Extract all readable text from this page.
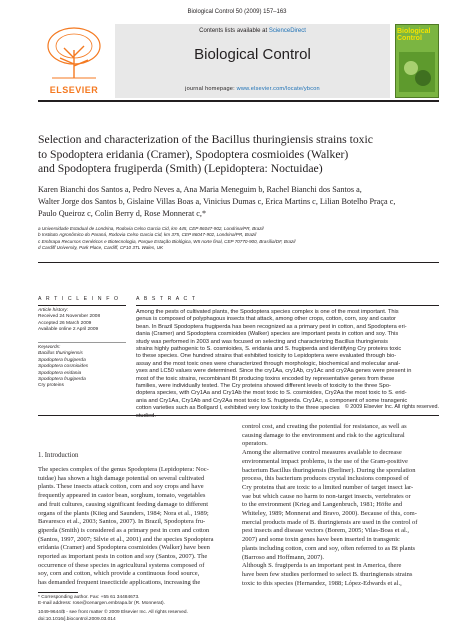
Biological Control 50 (2009) 157–163
ELSEVIER
Contents lists available at ScienceDirect
Biological Control
journal homepage: www.elsevier.com/locate/ybcon
Biological Control
Selection and characterization of the Bacillus thuringiensis strains toxic
to Spodoptera eridania (Cramer), Spodoptera cosmioides (Walker)
and Spodoptera frugiperda (Smith) (Lepidoptera: Noctuidae)
Karen Bianchi dos Santos a, Pedro Neves a, Ana Maria Meneguim b, Rachel Bianchi dos Santos a,
Walter Jorge dos Santos b, Gislaine Villas Boas a, Vinicius Dumas c, Erica Martins c, Lilian Botelho Praça c,
Paulo Queiroz c, Colin Berry d, Rose Monnerat c,*
a Universidade Estadual de Londrina, Rodovia Celso Garcia Cid, km 445, CEP 86047-902, Londrina/PR, Brazil
b Instituto Agronômico do Paraná, Rodovia Celso Garcia Cid, km 375, CEP 86047-902, Londrina/PR, Brazil
c Embrapa Recursos Genéticos e Biotecnologia, Parque Estação Biológica, W5 norte final, CEP 70770-900, Brasília/DF, Brazil
d Cardiff University, Park Place, Cardiff, CF10 3TL Wales, UK
A R T I C L E I N F O
Article history:
Received 24 November 2008
Accepted 26 March 2009
Available online 2 April 2009
Keywords:
Bacillus thuringiensis
Spodoptera frugiperda
Spodoptera cosmioides
Spodoptera eridania
Spodoptera frugiperda
Cry proteins
A B S T R A C T
Among the pests of cultivated plants, the Spodoptera species complex is one of the most important. This
genus is composed of polyphagous insects that attack, among other crops, cotton, corn, soy and castor
bean. In Brazil Spodoptera frugiperda has been recognized as a primary pest in cotton, and Spodoptera eri-
dania (Cramer) and Spodoptera cosmioides (Walker) species are important pests in cotton and soy. This
study was performed in 2003 and was focused on selecting and characterizing Bacillus thuringiensis
strains highly pathogenic to S. cosmioides, S. eridania and S. frugiperda and identifying Cry proteins toxic
to these species. One hundred strains that exhibited toxicity to Lepidoptera were evaluated through bio-
assay and the most toxic ones were characterized through morphologic, biochemical and molecular anal-
yses and LC50 values were determined. Since the cry1Aa, cry1Ab, cry1Ac and cry2Aa genes were present in
most of the toxic strains, recombinant Bt producing toxins encoded by representative genes from these
families, were individually tested. The Cry proteins showed different levels of toxicity to the three Spo-
doptera species, with Cry1Aa and Cry1Ab the most toxic to S. cosmioides, Cry2Aa the most toxic to S. erid-
ania and Cry1Aa, Cry1Ab and Cry2Aa most toxic to S. frugiperda. Cry1Ac, a component of some transgenic
cotton varieties such as Bollgard I, exhibited very low toxicity to the three species © 2009 Elsevier Inc. All rights reserved.
1. Introduction
The species complex of the genus Spodoptera (Lepidoptera: Noc-
tuidae) has shown a high damage potential on several cultivated
plants. These insects attack cotton, corn and soy crops and have
frequently appeared in castor bean, sorghum, tomato, vegetables
and fruit cultures, causing significant feeding damage to different
organs of the plants (Kiieg and Saunders, 1984; Nora et al., 1989;
Bavaresco et al., 2003; Santos, 2007). In Brazil, Spodoptera fru-
giperda (Smith) is considered as a primary pest in corn and cotton
(Santos, 1997, 2007; Silvie et al., 2001) and the species Spodoptera
eridania (Cramer) and Spodoptera cosmioides (Walker) have been
reported as important pests in cotton and soy (Santos, 2007). The
occurrence of these species in agricultural systems composed of
soy, corn and cotton, which provide a continuous food source,
has demanded frequent insecticide applications, increasing the
* Corresponding author. Fax: +55 61 34484673.
E-mail address: rose@cenargen.embrapa.br (R. Monnerat).
1049-9644/$ - see front matter © 2009 Elsevier Inc. All rights reserved.
doi:10.1016/j.biocontrol.2009.03.014
control cost, and creating the potential for resistance, as well as
causing damage to the environment and risk to the agricultural
operators.
Among the alternative control measures available to decrease
environmental impact problems, is the use of the Gram-positive
bacterium Bacillus thuringiensis (Berliner). During the sporulation
process, this bacterium produces crystal inclusions composed of
Cry proteins that are toxic to a limited number of target insect lar-
vae but which cause no harm to non-target insects, vertebrates or
to the environment (Krieg and Langenbruch, 1981; Höfte and
Whiteley, 1989; Monnerat and Bravo, 2000). Because of this, com-
mercial products made of B. thuringiensis are used in the control of
pest insects and disease vectors (Borem, 2005; Vilas-Boas et al.,
2007) and some toxin genes have been inserted in transgenic
plants including cotton, corn and soy, often referred to as Bt plants
(Barroso and Hoffmann, 2007).
Although S. frugiperda is an important pest in America, there
have been few studies performed to select B. thuringiensis strains
toxic to this species (Hernandez, 1988; López-Edwards et al.,
